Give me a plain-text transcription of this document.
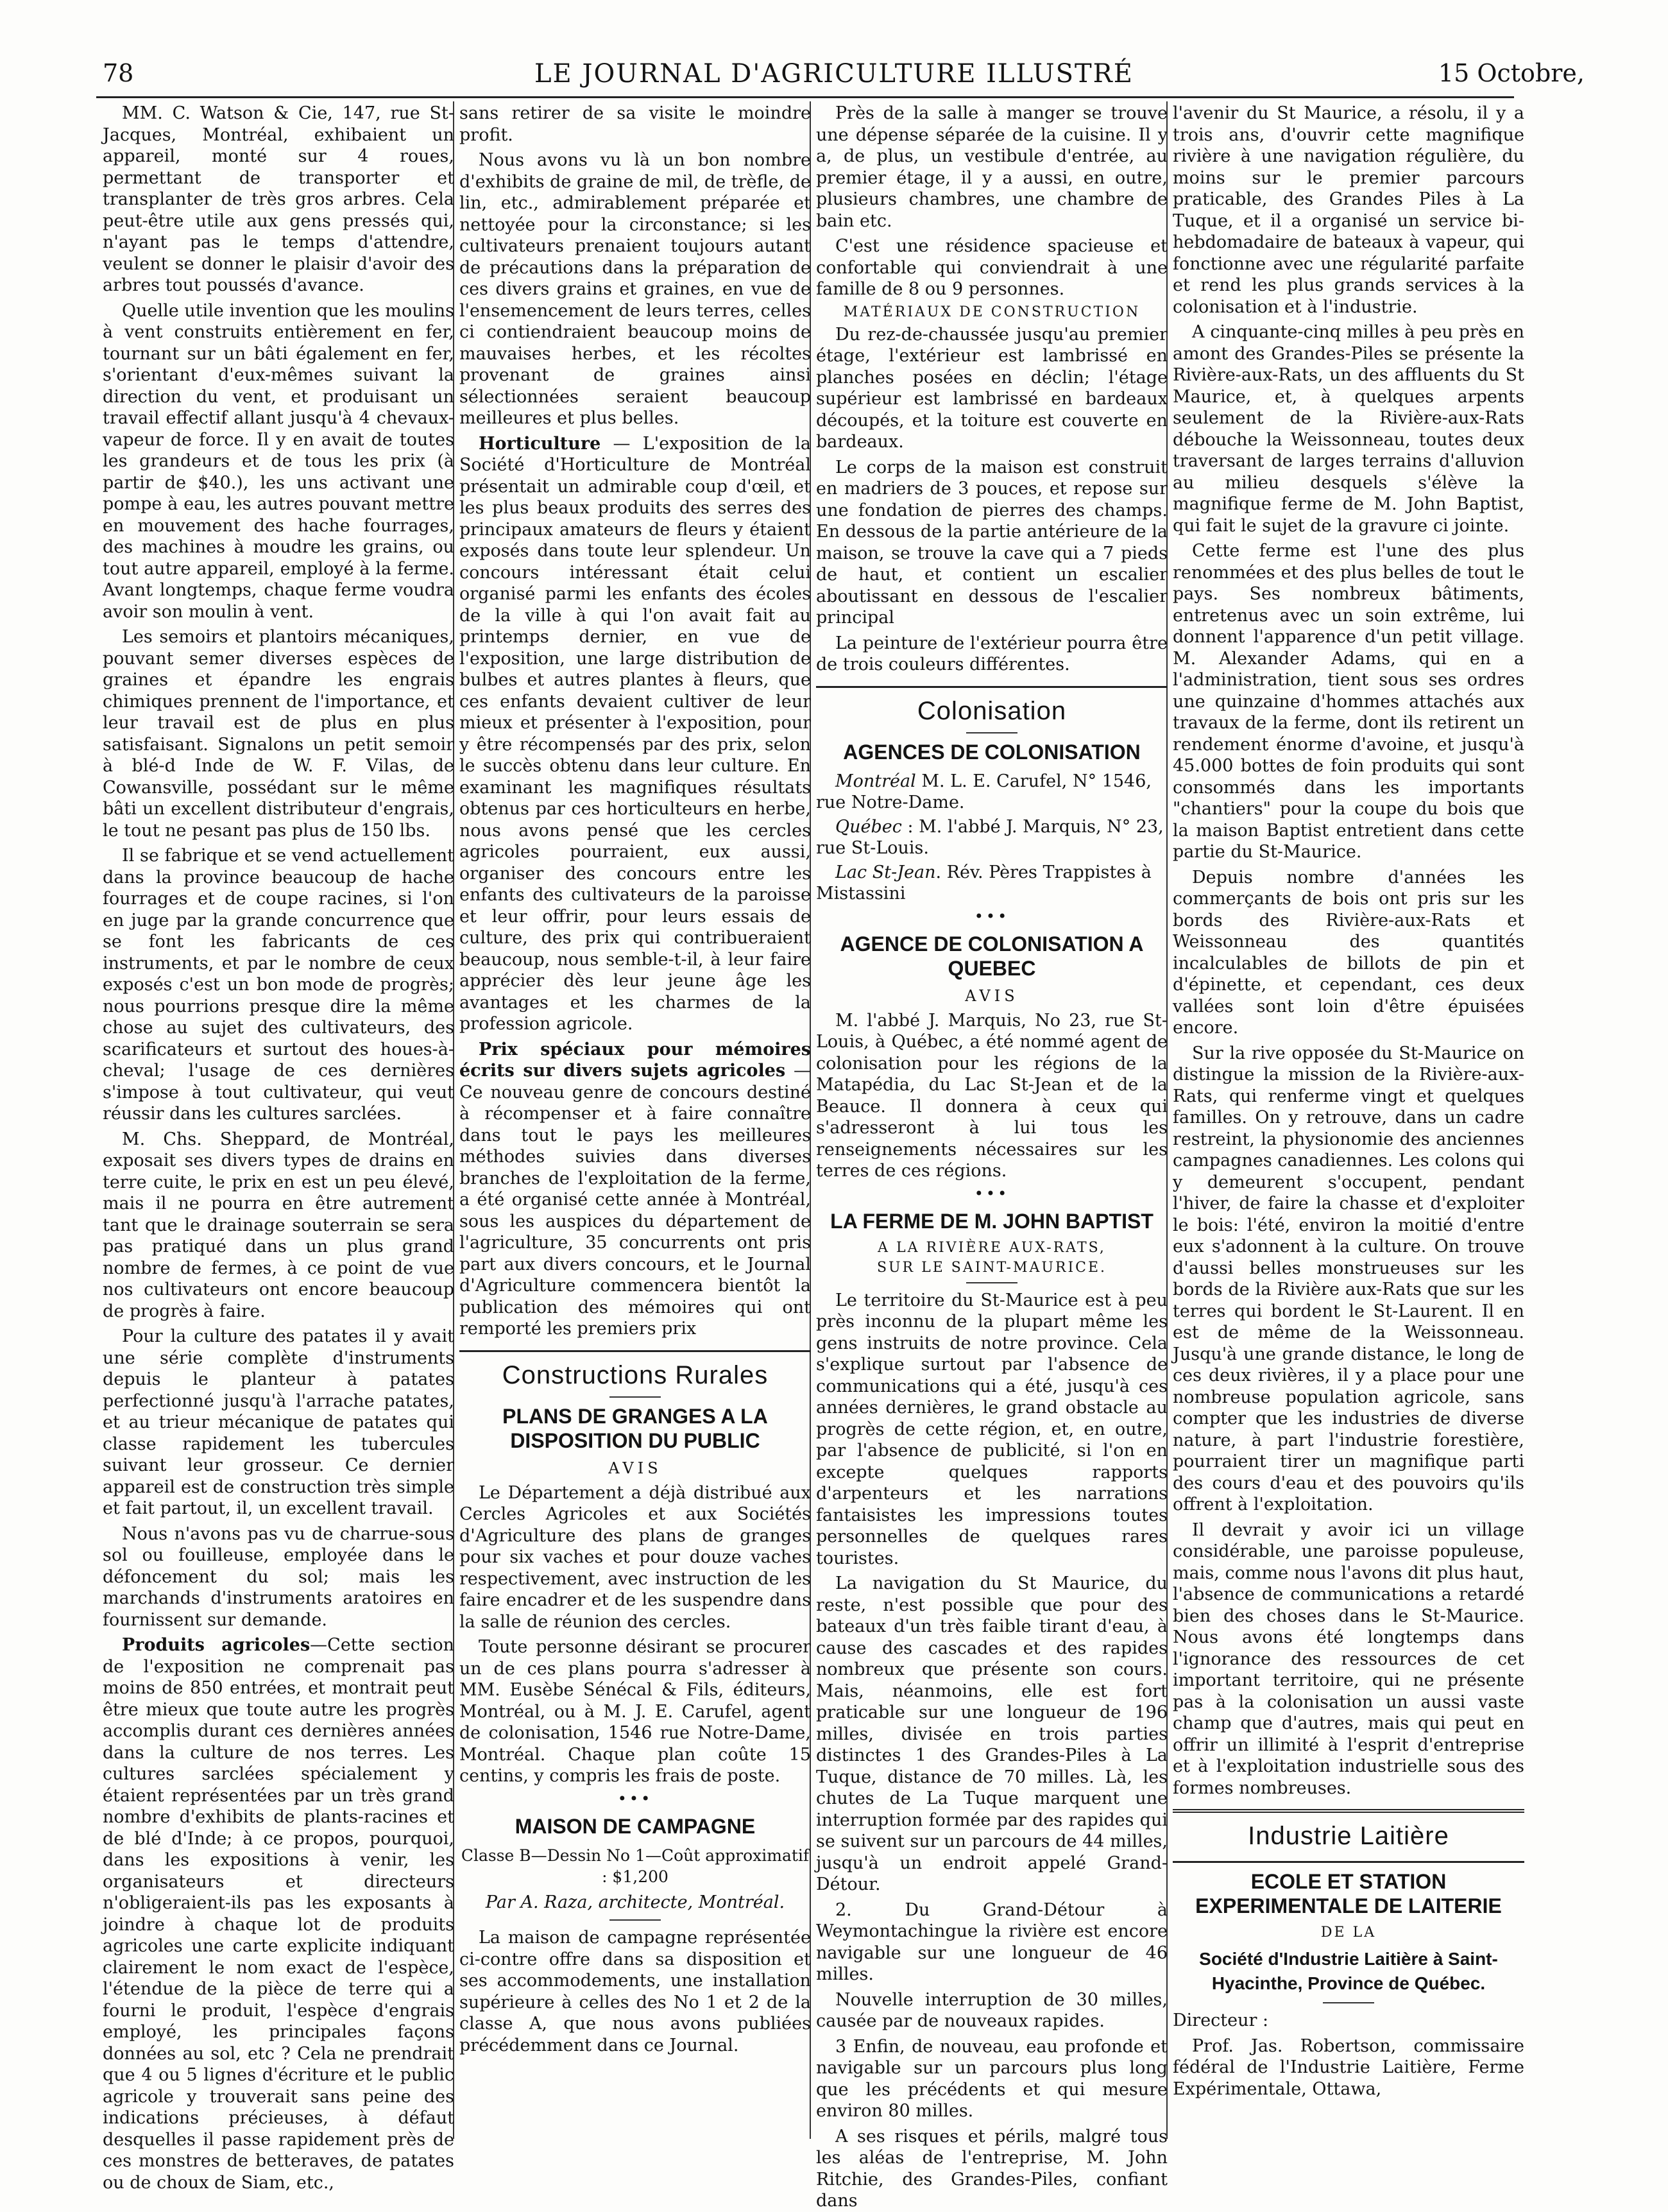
78	LE JOURNAL D'AGRICULTURE ILLUSTRÉ	15 Octobre,

MM. C. Watson & Cie, 147, rue St-Jacques, Montréal, exhibaient un appareil, monté sur 4 roues, permettant de transporter et transplanter de très gros arbres. Cela peut-être utile aux gens pressés qui, n'ayant pas le temps d'attendre, veulent se donner le plaisir d'avoir des arbres tout poussés d'avance.

Quelle utile invention que les moulins à vent construits entièrement en fer, tournant sur un bâti également en fer, s'orientant d'eux-mêmes suivant la direction du vent, et produisant un travail effectif allant jusqu'à 4 chevaux-vapeur de force. Il y en avait de toutes les grandeurs et de tous les prix (à partir de $40.), les uns activant une pompe à eau, les autres pouvant mettre en mouvement des hache fourrages, des machines à moudre les grains, ou tout autre appareil, employé à la ferme. Avant longtemps, chaque ferme voudra avoir son moulin à vent.

Les semoirs et plantoirs mécaniques, pouvant semer diverses espèces de graines et épandre les engrais chimiques prennent de l'importance, et leur travail est de plus en plus satisfaisant. Signalons un petit semoir à blé-d Inde de W. F. Vilas, de Cowansville, possédant sur le même bâti un excellent distributeur d'engrais, le tout ne pesant pas plus de 150 lbs.

Il se fabrique et se vend actuellement dans la province beaucoup de hache fourrages et de coupe racines, si l'on en juge par la grande concurrence que se font les fabricants de ces instruments, et par le nombre de ceux exposés c'est un bon mode de progrès; nous pourrions presque dire la même chose au sujet des cultivateurs, des scarificateurs et surtout des houes-à-cheval; l'usage de ces dernières s'impose à tout cultivateur, qui veut réussir dans les cultures sarclées.

M. Chs. Sheppard, de Montréal, exposait ses divers types de drains en terre cuite, le prix en est un peu élevé, mais il ne pourra en être autrement tant que le drainage souterrain se sera pas pratiqué dans un plus grand nombre de fermes, à ce point de vue nos cultivateurs ont encore beaucoup de progrès à faire.

Pour la culture des patates il y avait une série complète d'instruments depuis le planteur à patates perfectionné jusqu'à l'arrache patates, et au trieur mécanique de patates qui classe rapidement les tubercules suivant leur grosseur. Ce dernier appareil est de construction très simple et fait partout, il, un excellent travail.

Nous n'avons pas vu de charrue-sous sol ou fouilleuse, employée dans le défoncement du sol; mais les marchands d'instruments aratoires en fournissent sur demande.

Produits agricoles—Cette section de l'exposition ne comprenait pas moins de 850 entrées, et montrait peut être mieux que toute autre les progrès accomplis durant ces dernières années dans la culture de nos terres. Les cultures sarclées spécialement y étaient représentées par un très grand nombre d'exhibits de plants-racines et de blé d'Inde; à ce propos, pourquoi, dans les expositions à venir, les organisateurs et directeurs n'obligeraient-ils pas les exposants à joindre à chaque lot de produits agricoles une carte explicite indiquant clairement le nom exact de l'espèce, l'étendue de la pièce de terre qui a fourni le produit, l'espèce d'engrais employé, les principales façons données au sol, etc ? Cela ne prendrait que 4 ou 5 lignes d'écriture et le public agricole y trouverait sans peine des indications précieuses, à défaut desquelles il passe rapidement près de ces monstres de betteraves, de patates ou de choux de Siam, etc.,

sans retirer de sa visite le moindre profit.

Nous avons vu là un bon nombre d'exhibits de graine de mil, de trèfle, de lin, etc., admirablement préparée et nettoyée pour la circonstance; si les cultivateurs prenaient toujours autant de précautions dans la préparation de ces divers grains et graines, en vue de l'ensemencement de leurs terres, celles ci contiendraient beaucoup moins de mauvaises herbes, et les récoltes provenant de graines ainsi sélectionnées seraient beaucoup meilleures et plus belles.

Horticulture — L'exposition de la Société d'Horticulture de Montréal présentait un admirable coup d'œil, et les plus beaux produits des serres des principaux amateurs de fleurs y étaient exposés dans toute leur splendeur. Un concours intéressant était celui organisé parmi les enfants des écoles de la ville à qui l'on avait fait au printemps dernier, en vue de l'exposition, une large distribution de bulbes et autres plantes à fleurs, que ces enfants devaient cultiver de leur mieux et présenter à l'exposition, pour y être récompensés par des prix, selon le succès obtenu dans leur culture. En examinant les magnifiques résultats obtenus par ces horticulteurs en herbe, nous avons pensé que les cercles agricoles pourraient, eux aussi, organiser des concours entre les enfants des cultivateurs de la paroisse et leur offrir, pour leurs essais de culture, des prix qui contribueraient beaucoup, nous semble-t-il, à leur faire apprécier dès leur jeune âge les avantages et les charmes de la profession agricole.

Prix spéciaux pour mémoires écrits sur divers sujets agricoles — Ce nouveau genre de concours destiné à récompenser et à faire connaître dans tout le pays les meilleures méthodes suivies dans diverses branches de l'exploitation de la ferme, a été organisé cette année à Montréal, sous les auspices du département de l'agriculture, 35 concurrents ont pris part aux divers concours, et le Journal d'Agriculture commencera bientôt la publication des mémoires qui ont remporté les premiers prix

Constructions Rurales
PLANS DE GRANGES A LA DISPOSITION DU PUBLIC
AVIS

Le Département a déjà distribué aux Cercles Agricoles et aux Sociétés d'Agriculture des plans de granges pour six vaches et pour douze vaches respectivement, avec instruction de les faire encadrer et de les suspendre dans la salle de réunion des cercles.

Toute personne désirant se procurer un de ces plans pourra s'adresser à MM. Eusèbe Sénécal & Fils, éditeurs, Montréal, ou à M. J. E. Carufel, agent de colonisation, 1546 rue Notre-Dame, Montréal. Chaque plan coûte 15 centins, y compris les frais de poste.

•••
MAISON DE CAMPAGNE
Classe B—Dessin No 1—Coût approximatif : $1,200
Par A. Raza, architecte, Montréal.

La maison de campagne représentée ci-contre offre dans sa disposition et ses accommodements, une installation supérieure à celles des No 1 et 2 de la classe A, que nous avons publiées précédemment dans ce Journal.

Près de la salle à manger se trouve une dépense séparée de la cuisine. Il y a, de plus, un vestibule d'entrée, au premier étage, il y a aussi, en outre, plusieurs chambres, une chambre de bain etc.

C'est une résidence spacieuse et confortable qui conviendrait à une famille de 8 ou 9 personnes.

MATÉRIAUX DE CONSTRUCTION

Du rez-de-chaussée jusqu'au premier étage, l'extérieur est lambrissé en planches posées en déclin; l'étage supérieur est lambrissé en bardeaux découpés, et la toiture est couverte en bardeaux.

Le corps de la maison est construit en madriers de 3 pouces, et repose sur une fondation de pierres des champs. En dessous de la partie antérieure de la maison, se trouve la cave qui a 7 pieds de haut, et contient un escalier aboutissant en dessous de l'escalier principal

La peinture de l'extérieur pourra être de trois couleurs différentes.

Colonisation
AGENCES DE COLONISATION

Montréal M. L. E. Carufel, N° 1546, rue Notre-Dame.

Québec : M. l'abbé J. Marquis, N° 23, rue St-Louis.

Lac St-Jean. Rév. Pères Trappistes à Mistassini

•••
AGENCE DE COLONISATION A QUEBEC
AVIS

M. l'abbé J. Marquis, No 23, rue St-Louis, à Québec, a été nommé agent de colonisation pour les régions de la Matapédia, du Lac St-Jean et de la Beauce. Il donnera à ceux qui s'adresseront à lui tous les renseignements nécessaires sur les terres de ces régions.

•••
LA FERME DE M. JOHN BAPTIST
A LA RIVIÈRE AUX-RATS,
SUR LE SAINT-MAURICE.

Le territoire du St-Maurice est à peu près inconnu de la plupart même les gens instruits de notre province. Cela s'explique surtout par l'absence de communications qui a été, jusqu'à ces années dernières, le grand obstacle au progrès de cette région, et, en outre, par l'absence de publicité, si l'on en excepte quelques rapports d'arpenteurs et les narrations fantaisistes les impressions toutes personnelles de quelques rares touristes.

La navigation du St Maurice, du reste, n'est possible que pour des bateaux d'un très faible tirant d'eau, à cause des cascades et des rapides nombreux que présente son cours. Mais, néanmoins, elle est fort praticable sur une longueur de 196 milles, divisée en trois parties distinctes 1 des Grandes-Piles à La Tuque, distance de 70 milles. Là, les chutes de La Tuque marquent une interruption formée par des rapides qui se suivent sur un parcours de 44 milles, jusqu'à un endroit appelé Grand-Détour.

2. Du Grand-Détour à Weymontachingue la rivière est encore navigable sur une longueur de 46 milles.

Nouvelle interruption de 30 milles, causée par de nouveaux rapides.

3 Enfin, de nouveau, eau profonde et navigable sur un parcours plus long que les précédents et qui mesure environ 80 milles.

A ses risques et périls, malgré tous les aléas de l'entreprise, M. John Ritchie, des Grandes-Piles, confiant dans

l'avenir du St Maurice, a résolu, il y a trois ans, d'ouvrir cette magnifique rivière à une navigation régulière, du moins sur le premier parcours praticable, des Grandes Piles à La Tuque, et il a organisé un service bi-hebdomadaire de bateaux à vapeur, qui fonctionne avec une régularité parfaite et rend les plus grands services à la colonisation et à l'industrie.

A cinquante-cinq milles à peu près en amont des Grandes-Piles se présente la Rivière-aux-Rats, un des affluents du St Maurice, et, à quelques arpents seulement de la Rivière-aux-Rats débouche la Weissonneau, toutes deux traversant de larges terrains d'alluvion au milieu desquels s'élève la magnifique ferme de M. John Baptist, qui fait le sujet de la gravure ci jointe.

Cette ferme est l'une des plus renommées et des plus belles de tout le pays. Ses nombreux bâtiments, entretenus avec un soin extrême, lui donnent l'apparence d'un petit village. M. Alexander Adams, qui en a l'administration, tient sous ses ordres une quinzaine d'hommes attachés aux travaux de la ferme, dont ils retirent un rendement énorme d'avoine, et jusqu'à 45.000 bottes de foin produits qui sont consommés dans les importants "chantiers" pour la coupe du bois que la maison Baptist entretient dans cette partie du St-Maurice.

Depuis nombre d'années les commerçants de bois ont pris sur les bords des Rivière-aux-Rats et Weissonneau des quantités incalculables de billots de pin et d'épinette, et cependant, ces deux vallées sont loin d'être épuisées encore.

Sur la rive opposée du St-Maurice on distingue la mission de la Rivière-aux-Rats, qui renferme vingt et quelques familles. On y retrouve, dans un cadre restreint, la physionomie des anciennes campagnes canadiennes. Les colons qui y demeurent s'occupent, pendant l'hiver, de faire la chasse et d'exploiter le bois: l'été, environ la moitié d'entre eux s'adonnent à la culture. On trouve d'aussi belles monstrueuses sur les bords de la Rivière aux-Rats que sur les terres qui bordent le St-Laurent. Il en est de même de la Weissonneau. Jusqu'à une grande distance, le long de ces deux rivières, il y a place pour une nombreuse population agricole, sans compter que les industries de diverse nature, à part l'industrie forestière, pourraient tirer un magnifique parti des cours d'eau et des pouvoirs qu'ils offrent à l'exploitation.

Il devrait y avoir ici un village considérable, une paroisse populeuse, mais, comme nous l'avons dit plus haut, l'absence de communications a retardé bien des choses dans le St-Maurice. Nous avons été longtemps dans l'ignorance des ressources de cet important territoire, qui ne présente pas à la colonisation un aussi vaste champ que d'autres, mais qui peut en offrir un illimité à l'esprit d'entreprise et à l'exploitation industrielle sous des formes nombreuses.

Industrie Laitière
ECOLE ET STATION EXPERIMENTALE DE LAITERIE
DE LA
Société d'Industrie Laitière à Saint-Hyacinthe, Province de Québec.

Directeur :

Prof. Jas. Robertson, commissaire fédéral de l'Industrie Laitière, Ferme Expérimentale, Ottawa,
